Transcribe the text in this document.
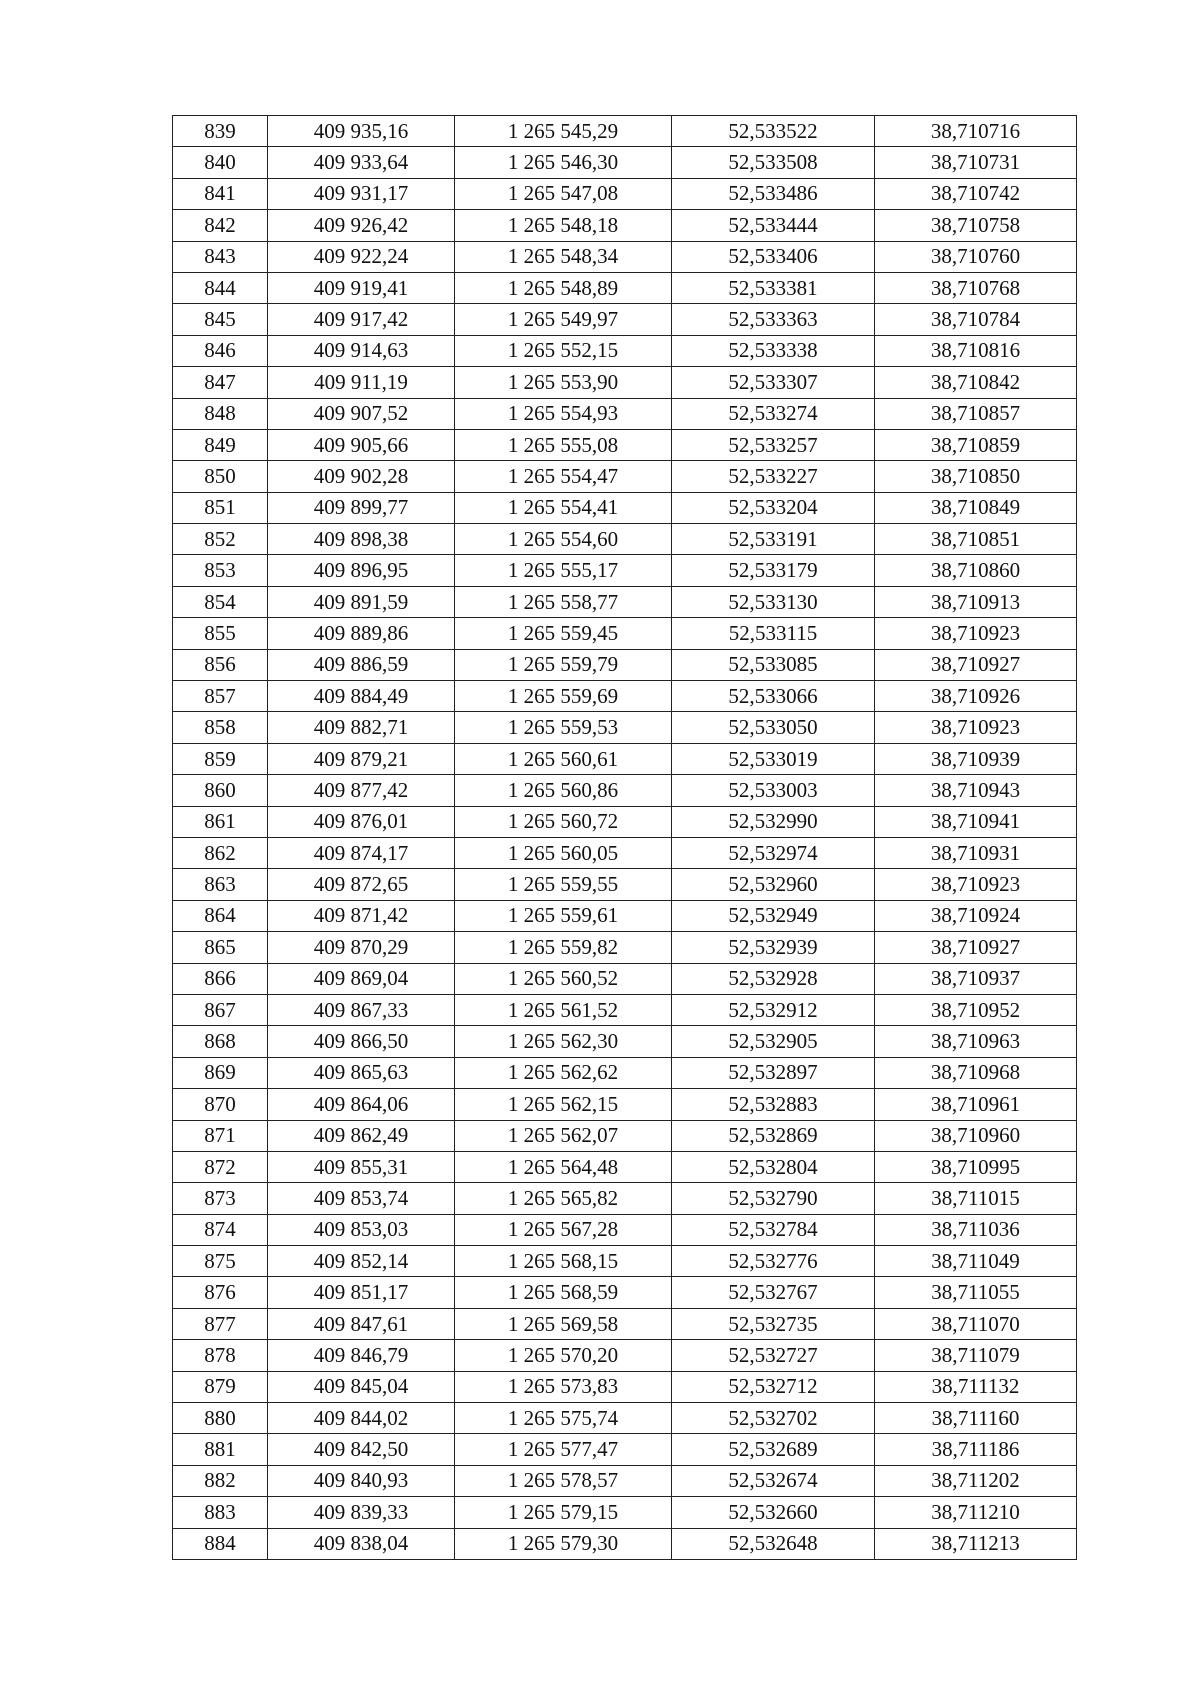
839	409 935,16	1 265 545,29	52,533522	38,710716
840	409 933,64	1 265 546,30	52,533508	38,710731
841	409 931,17	1 265 547,08	52,533486	38,710742
842	409 926,42	1 265 548,18	52,533444	38,710758
843	409 922,24	1 265 548,34	52,533406	38,710760
844	409 919,41	1 265 548,89	52,533381	38,710768
845	409 917,42	1 265 549,97	52,533363	38,710784
846	409 914,63	1 265 552,15	52,533338	38,710816
847	409 911,19	1 265 553,90	52,533307	38,710842
848	409 907,52	1 265 554,93	52,533274	38,710857
849	409 905,66	1 265 555,08	52,533257	38,710859
850	409 902,28	1 265 554,47	52,533227	38,710850
851	409 899,77	1 265 554,41	52,533204	38,710849
852	409 898,38	1 265 554,60	52,533191	38,710851
853	409 896,95	1 265 555,17	52,533179	38,710860
854	409 891,59	1 265 558,77	52,533130	38,710913
855	409 889,86	1 265 559,45	52,533115	38,710923
856	409 886,59	1 265 559,79	52,533085	38,710927
857	409 884,49	1 265 559,69	52,533066	38,710926
858	409 882,71	1 265 559,53	52,533050	38,710923
859	409 879,21	1 265 560,61	52,533019	38,710939
860	409 877,42	1 265 560,86	52,533003	38,710943
861	409 876,01	1 265 560,72	52,532990	38,710941
862	409 874,17	1 265 560,05	52,532974	38,710931
863	409 872,65	1 265 559,55	52,532960	38,710923
864	409 871,42	1 265 559,61	52,532949	38,710924
865	409 870,29	1 265 559,82	52,532939	38,710927
866	409 869,04	1 265 560,52	52,532928	38,710937
867	409 867,33	1 265 561,52	52,532912	38,710952
868	409 866,50	1 265 562,30	52,532905	38,710963
869	409 865,63	1 265 562,62	52,532897	38,710968
870	409 864,06	1 265 562,15	52,532883	38,710961
871	409 862,49	1 265 562,07	52,532869	38,710960
872	409 855,31	1 265 564,48	52,532804	38,710995
873	409 853,74	1 265 565,82	52,532790	38,711015
874	409 853,03	1 265 567,28	52,532784	38,711036
875	409 852,14	1 265 568,15	52,532776	38,711049
876	409 851,17	1 265 568,59	52,532767	38,711055
877	409 847,61	1 265 569,58	52,532735	38,711070
878	409 846,79	1 265 570,20	52,532727	38,711079
879	409 845,04	1 265 573,83	52,532712	38,711132
880	409 844,02	1 265 575,74	52,532702	38,711160
881	409 842,50	1 265 577,47	52,532689	38,711186
882	409 840,93	1 265 578,57	52,532674	38,711202
883	409 839,33	1 265 579,15	52,532660	38,711210
884	409 838,04	1 265 579,30	52,532648	38,711213
